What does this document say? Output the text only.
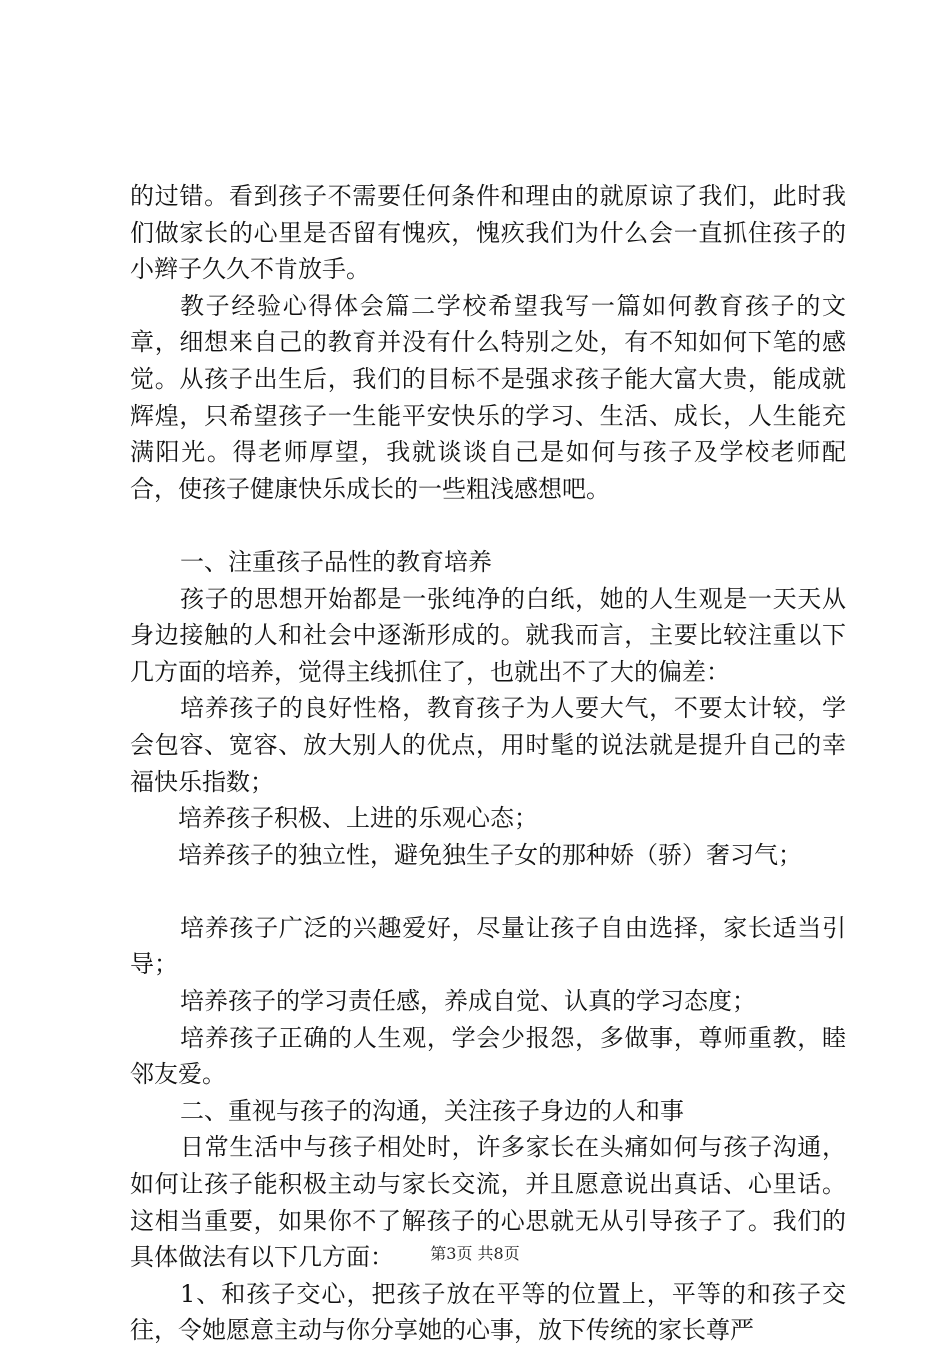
的过错。看到孩子不需要任何条件和理由的就原谅了我们，此时我们做家长的心里是否留有愧疚，愧疚我们为什么会一直抓住孩子的小辫子久久不肯放手。

教子经验心得体会篇二学校希望我写一篇如何教育孩子的文章，细想来自己的教育并没有什么特别之处，有不知如何下笔的感觉。从孩子出生后，我们的目标不是强求孩子能大富大贵，能成就辉煌，只希望孩子一生能平安快乐的学习、生活、成长，人生能充满阳光。得老师厚望，我就谈谈自己是如何与孩子及学校老师配合，使孩子健康快乐成长的一些粗浅感想吧。

一、注重孩子品性的教育培养

孩子的思想开始都是一张纯净的白纸，她的人生观是一天天从身边接触的人和社会中逐渐形成的。就我而言，主要比较注重以下几方面的培养，觉得主线抓住了，也就出不了大的偏差：

培养孩子的良好性格，教育孩子为人要大气，不要太计较，学会包容、宽容、放大别人的优点，用时髦的说法就是提升自己的幸福快乐指数；

培养孩子积极、上进的乐观心态；

培养孩子的独立性，避免独生子女的那种娇（骄）奢习气；

培养孩子广泛的兴趣爱好，尽量让孩子自由选择，家长适当引导；

培养孩子的学习责任感，养成自觉、认真的学习态度；

培养孩子正确的人生观，学会少报怨，多做事，尊师重教，睦邻友爱。

二、重视与孩子的沟通，关注孩子身边的人和事

日常生活中与孩子相处时，许多家长在头痛如何与孩子沟通，如何让孩子能积极主动与家长交流，并且愿意说出真话、心里话。这相当重要，如果你不了解孩子的心思就无从引导孩子了。我们的具体做法有以下几方面：

1、和孩子交心，把孩子放在平等的位置上，平等的和孩子交往，令她愿意主动与你分享她的心事，放下传统的家长尊严

第3页 共8页
